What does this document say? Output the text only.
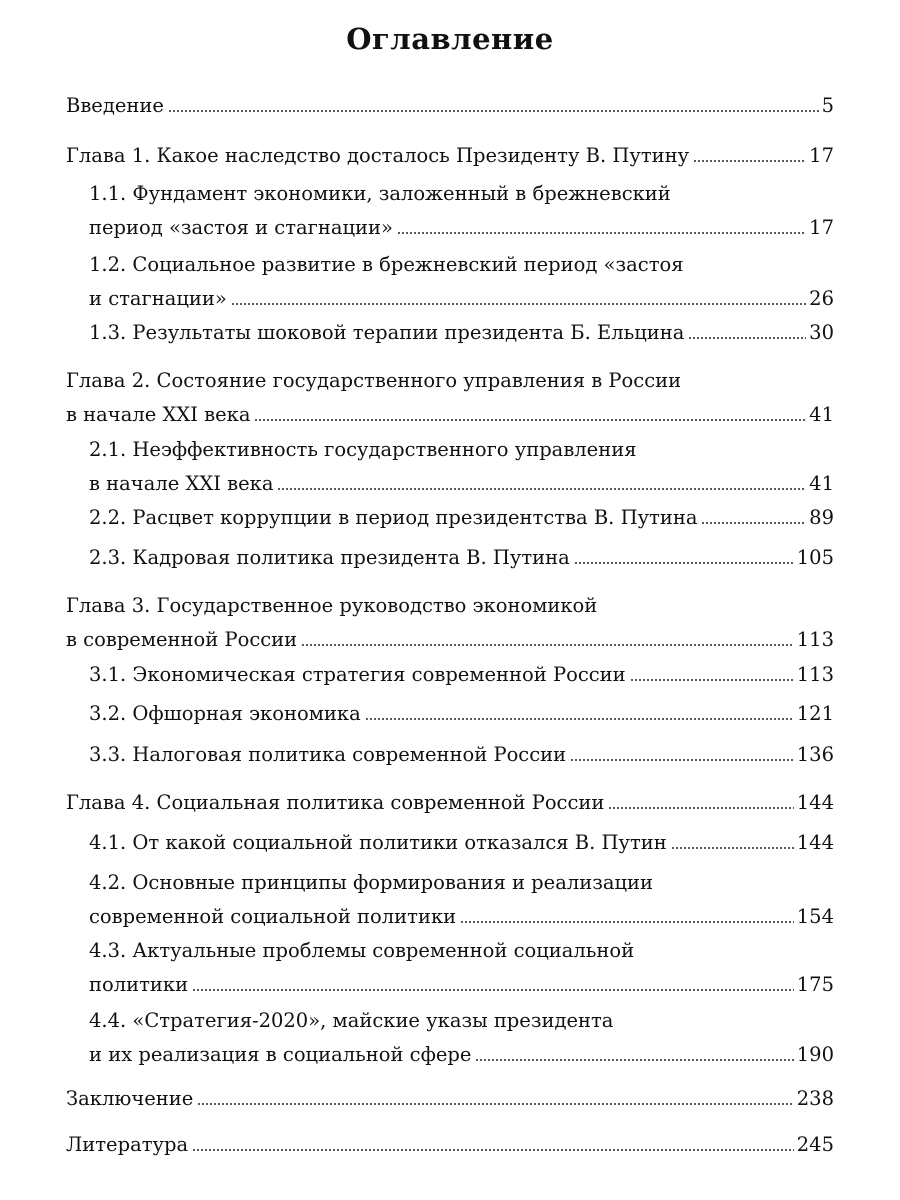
Оглавление
Введение	5
Глава 1. Какое наследство досталось Президенту В. Путину	17
1.1. Фундамент экономики, заложенный в брежневский
период «застоя и стагнации»	17
1.2. Социальное развитие в брежневский период «застоя
и стагнации»	26
1.3. Результаты шоковой терапии президента Б. Ельцина	30
Глава 2. Состояние государственного управления в России
в начале XXI века	41
2.1. Неэффективность государственного управления
в начале XXI века	41
2.2. Расцвет коррупции в период президентства В. Путина	89
2.3. Кадровая политика президента В. Путина	105
Глава 3. Государственное руководство экономикой
в современной России	113
3.1. Экономическая стратегия современной России	113
3.2. Офшорная экономика	121
3.3. Налоговая политика современной России	136
Глава 4. Социальная политика современной России	144
4.1. От какой социальной политики отказался В. Путин	144
4.2. Основные принципы формирования и реализации
современной социальной политики	154
4.3. Актуальные проблемы современной социальной
политики	175
4.4. «Стратегия-2020», майские указы президента
и их реализация в социальной сфере	190
Заключение	238
Литература	245
